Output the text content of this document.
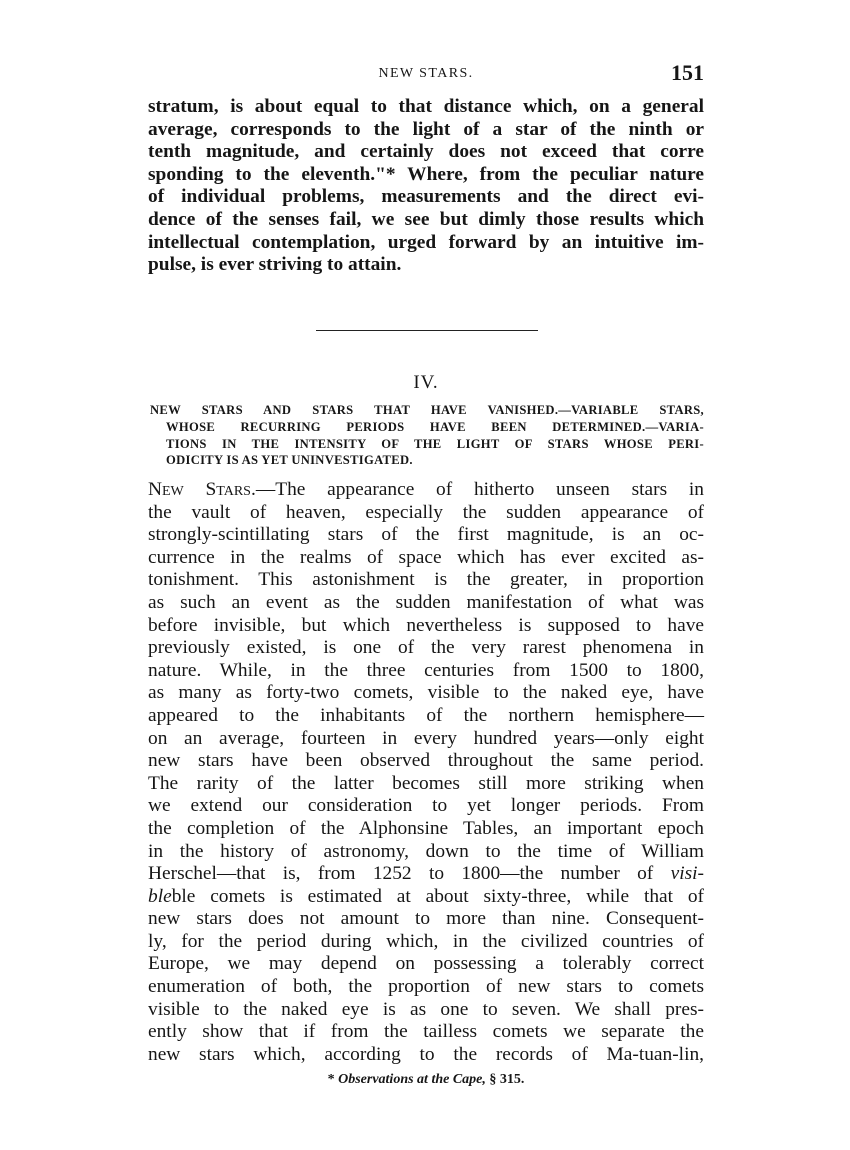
NEW STARS.	151
stratum, is about equal to that distance which, on a general
average, corresponds to the light of a star of the ninth or
tenth magnitude, and certainly does not exceed that corre
sponding to the eleventh."* Where, from the peculiar nature
of individual problems, measurements and the direct evi-
dence of the senses fail, we see but dimly those results which
intellectual contemplation, urged forward by an intuitive im-
pulse, is ever striving to attain.
IV.
NEW STARS AND STARS THAT HAVE VANISHED.—VARIABLE STARS,
WHOSE RECURRING PERIODS HAVE BEEN DETERMINED.—VARIA-
TIONS IN THE INTENSITY OF THE LIGHT OF STARS WHOSE PERI-
ODICITY IS AS YET UNINVESTIGATED.
New Stars.—The appearance of hitherto unseen stars in
the vault of heaven, especially the sudden appearance of
strongly-scintillating stars of the first magnitude, is an oc-
currence in the realms of space which has ever excited as-
tonishment. This astonishment is the greater, in proportion
as such an event as the sudden manifestation of what was
before invisible, but which nevertheless is supposed to have
previously existed, is one of the very rarest phenomena in
nature. While, in the three centuries from 1500 to 1800,
as many as forty-two comets, visible to the naked eye, have
appeared to the inhabitants of the northern hemisphere—
on an average, fourteen in every hundred years—only eight
new stars have been observed throughout the same period.
The rarity of the latter becomes still more striking when
we extend our consideration to yet longer periods. From
the completion of the Alphonsine Tables, an important epoch
in the history of astronomy, down to the time of William
Herschel—that is, from 1252 to 1800—the number of visi-
bleble comets is estimated at about sixty-three, while that of
new stars does not amount to more than nine. Consequent-
ly, for the period during which, in the civilized countries of
Europe, we may depend on possessing a tolerably correct
enumeration of both, the proportion of new stars to comets
visible to the naked eye is as one to seven. We shall pres-
ently show that if from the tailless comets we separate the
new stars which, according to the records of Ma-tuan-lin,
* Observations at the Cape, § 315.
